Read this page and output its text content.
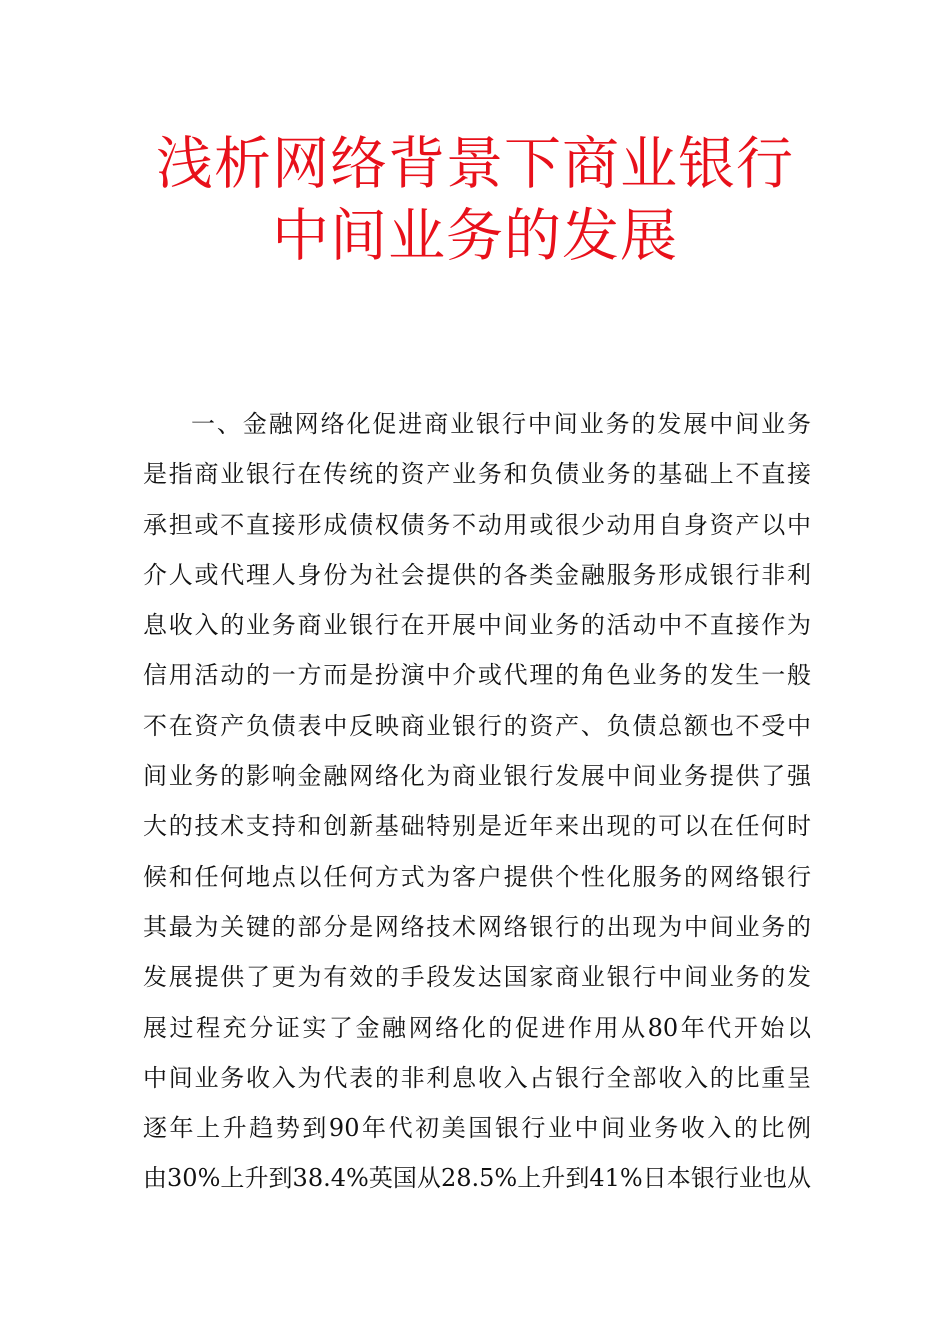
浅析网络背景下商业银行
中间业务的发展
一、金融网络化促进商业银行中间业务的发展中间业务
是指商业银行在传统的资产业务和负债业务的基础上不直接
承担或不直接形成债权债务不动用或很少动用自身资产以中
介人或代理人身份为社会提供的各类金融服务形成银行非利
息收入的业务商业银行在开展中间业务的活动中不直接作为
信用活动的一方而是扮演中介或代理的角色业务的发生一般
不在资产负债表中反映商业银行的资产、负债总额也不受中
间业务的影响金融网络化为商业银行发展中间业务提供了强
大的技术支持和创新基础特别是近年来出现的可以在任何时
候和任何地点以任何方式为客户提供个性化服务的网络银行
其最为关键的部分是网络技术网络银行的出现为中间业务的
发展提供了更为有效的手段发达国家商业银行中间业务的发
展过程充分证实了金融网络化的促进作用从80年代开始以
中间业务收入为代表的非利息收入占银行全部收入的比重呈
逐年上升趋势到90年代初美国银行业中间业务收入的比例
由30%上升到38.4%英国从28.5%上升到41%日本银行业也从
